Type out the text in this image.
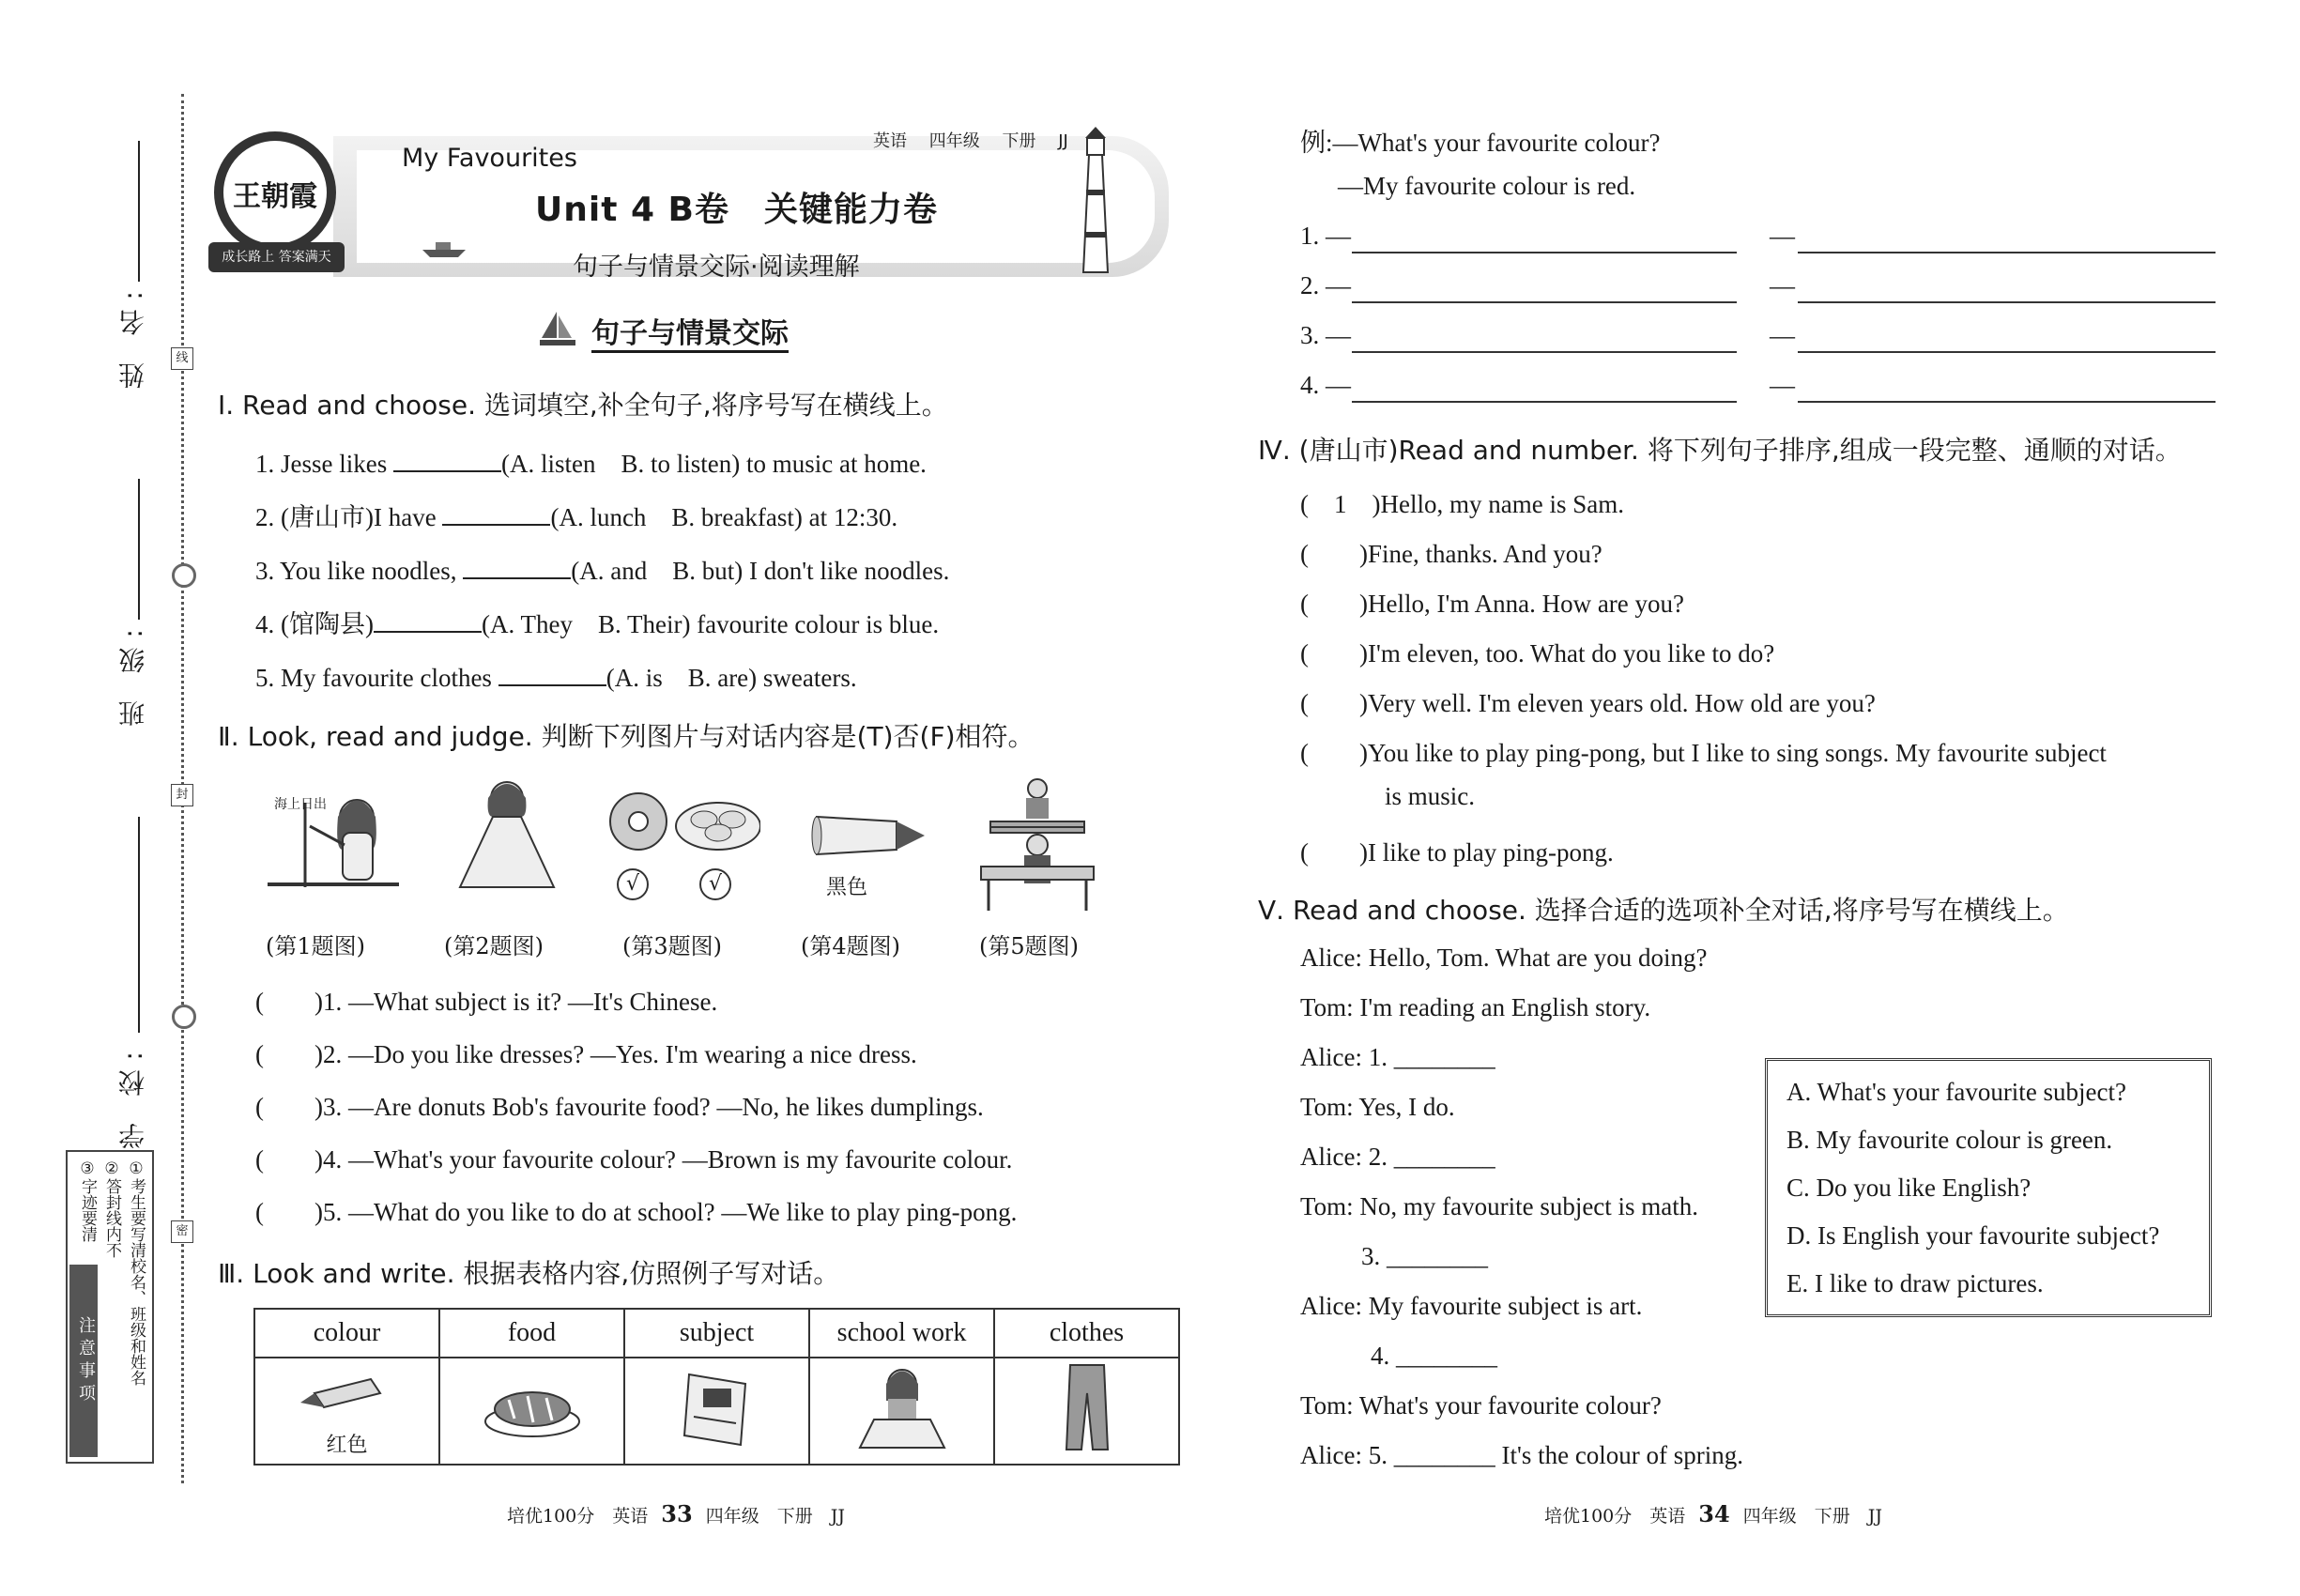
姓 名:
班 级:
学 校:
线
封
密
注意事项 ①考生要写清校名、班级和姓名
②答封线内不
③字迹要清
王朝霞
成长路上 答案满天
My Favourites
英语 四年级 下册 JJ
Unit 4 B卷　关键能力卷
句子与情景交际·阅读理解
句子与情景交际
Ⅰ. Read and choose. 选词填空,补全句子,将序号写在横线上。
1. Jesse likes	(A. listen　B. to listen) to music at home.
2. (唐山市)I have	(A. lunch　B. breakfast) at 12:30.
3. You like noodles,	(A. and　B. but) I don't like noodles.
4. (馆陶县)	(A. They　B. Their) favourite colour is blue.
5. My favourite clothes	(A. is　B. are) sweaters.
Ⅱ. Look, read and judge. 判断下列图片与对话内容是(T)否(F)相符。
海上日出
√	√	黑色
(第1题图)	(第2题图)	(第3题图)	(第4题图)	(第5题图)
(　　)1. —What subject is it? —It's Chinese.
(　　)2. —Do you like dresses? —Yes. I'm wearing a nice dress.
(　　)3. —Are donuts Bob's favourite food? —No, he likes dumplings.
(　　)4. —What's your favourite colour? —Brown is my favourite colour.
(　　)5. —What do you like to do at school? —We like to play ping-pong.
Ⅲ. Look and write. 根据表格内容,仿照例子写对话。
colour	food	subject	school work	clothes

红色

培优100分　 英语 33 四年级　 下册　 JJ
例:—What's your favourite colour?
—My favourite colour is red.
1. —	—
2. —	—
3. —	—
4. —	—
Ⅳ. (唐山市)Read and number. 将下列句子排序,组成一段完整、通顺的对话。
(　1　)Hello, my name is Sam.
(　　)Fine, thanks. And you?
(　　)Hello, I'm Anna. How are you?
(　　)I'm eleven, too. What do you like to do?
(　　)Very well. I'm eleven years old. How old are you?
(　　)You like to play ping-pong, but I like to sing songs. My favourite subject
is music.
(　　)I like to play ping-pong.
Ⅴ. Read and choose. 选择合适的选项补全对话,将序号写在横线上。
Alice: Hello, Tom. What are you doing?
Tom: I'm reading an English story.
Alice: 1. ________
Tom: Yes, I do.
Alice: 2. ________
Tom: No, my favourite subject is math.
3. ________
Alice: My favourite subject is art.
4. ________
Tom: What's your favourite colour?
Alice: 5. ________ It's the colour of spring.
A. What's your favourite subject?
B. My favourite colour is green.
C. Do you like English?
D. Is English your favourite subject?
E. I like to draw pictures.
培优100分　 英语 34 四年级　 下册　 JJ
